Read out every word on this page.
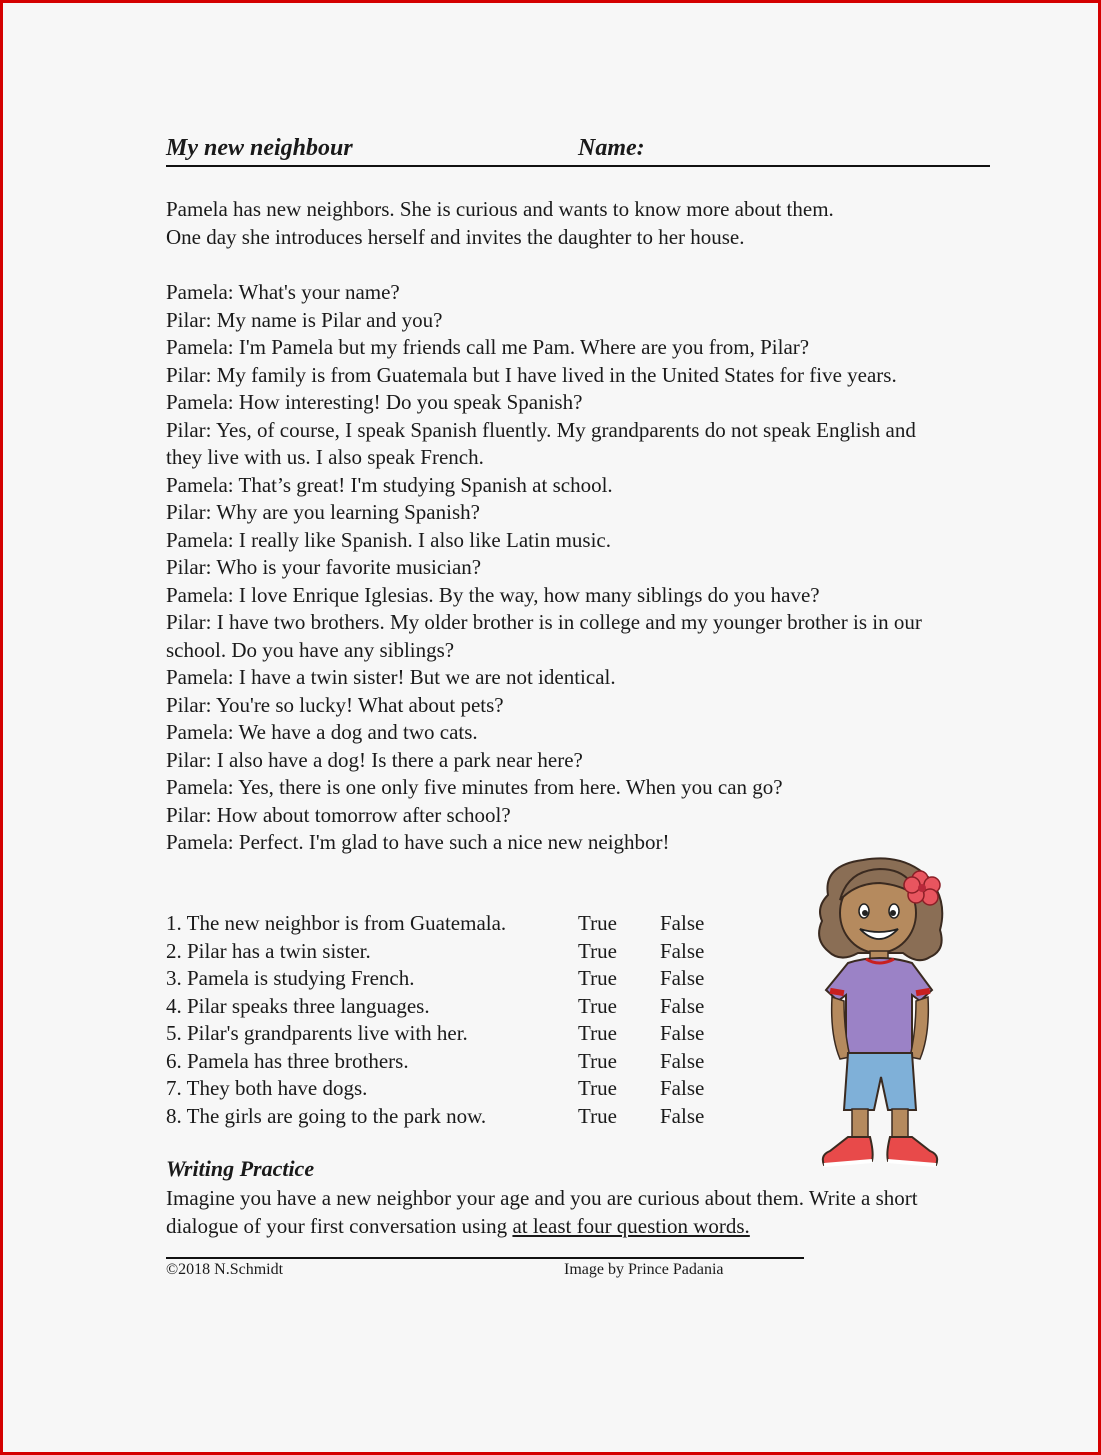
My new neighbour	Name:

Pamela has new neighbors. She is curious and wants to know more about them.

One day she introduces herself and invites the daughter to her house.

Pamela: What's your name?

Pilar: My name is Pilar and you?

Pamela: I'm Pamela but my friends call me Pam. Where are you from, Pilar?

Pilar: My family is from Guatemala but I have lived in the United States for five years.

Pamela: How interesting! Do you speak Spanish?

Pilar: Yes, of course, I speak Spanish fluently. My grandparents do not speak English and they live with us. I also speak French.

Pamela: That’s great! I'm studying Spanish at school.

Pilar: Why are you learning Spanish?

Pamela: I really like Spanish. I also like Latin music.

Pilar: Who is your favorite musician?

Pamela: I love Enrique Iglesias. By the way, how many siblings do you have?

Pilar: I have two brothers. My older brother is in college and my younger brother is in our school. Do you have any siblings?

Pamela: I have a twin sister! But we are not identical.

Pilar: You're so lucky! What about pets?

Pamela: We have a dog and two cats.

Pilar: I also have a dog! Is there a park near here?

Pamela: Yes, there is one only five minutes from here. When you can go?

Pilar: How about tomorrow after school?

Pamela: Perfect. I'm glad to have such a nice new neighbor!

1. The new neighbor is from Guatemala.	True False
2. Pilar has a twin sister.	True False
3. Pamela is studying French.	True False
4. Pilar speaks three languages.	True False
5. Pilar's grandparents live with her.	True False
6. Pamela has three brothers.	True False
7. They both have dogs.	True False
8. The girls are going to the park now.	True False
Writing Practice
Imagine you have a new neighbor your age and you are curious about them. Write a short dialogue of your first conversation using at least four question words.
©2018 N.Schmidt	Image by Prince Padania
